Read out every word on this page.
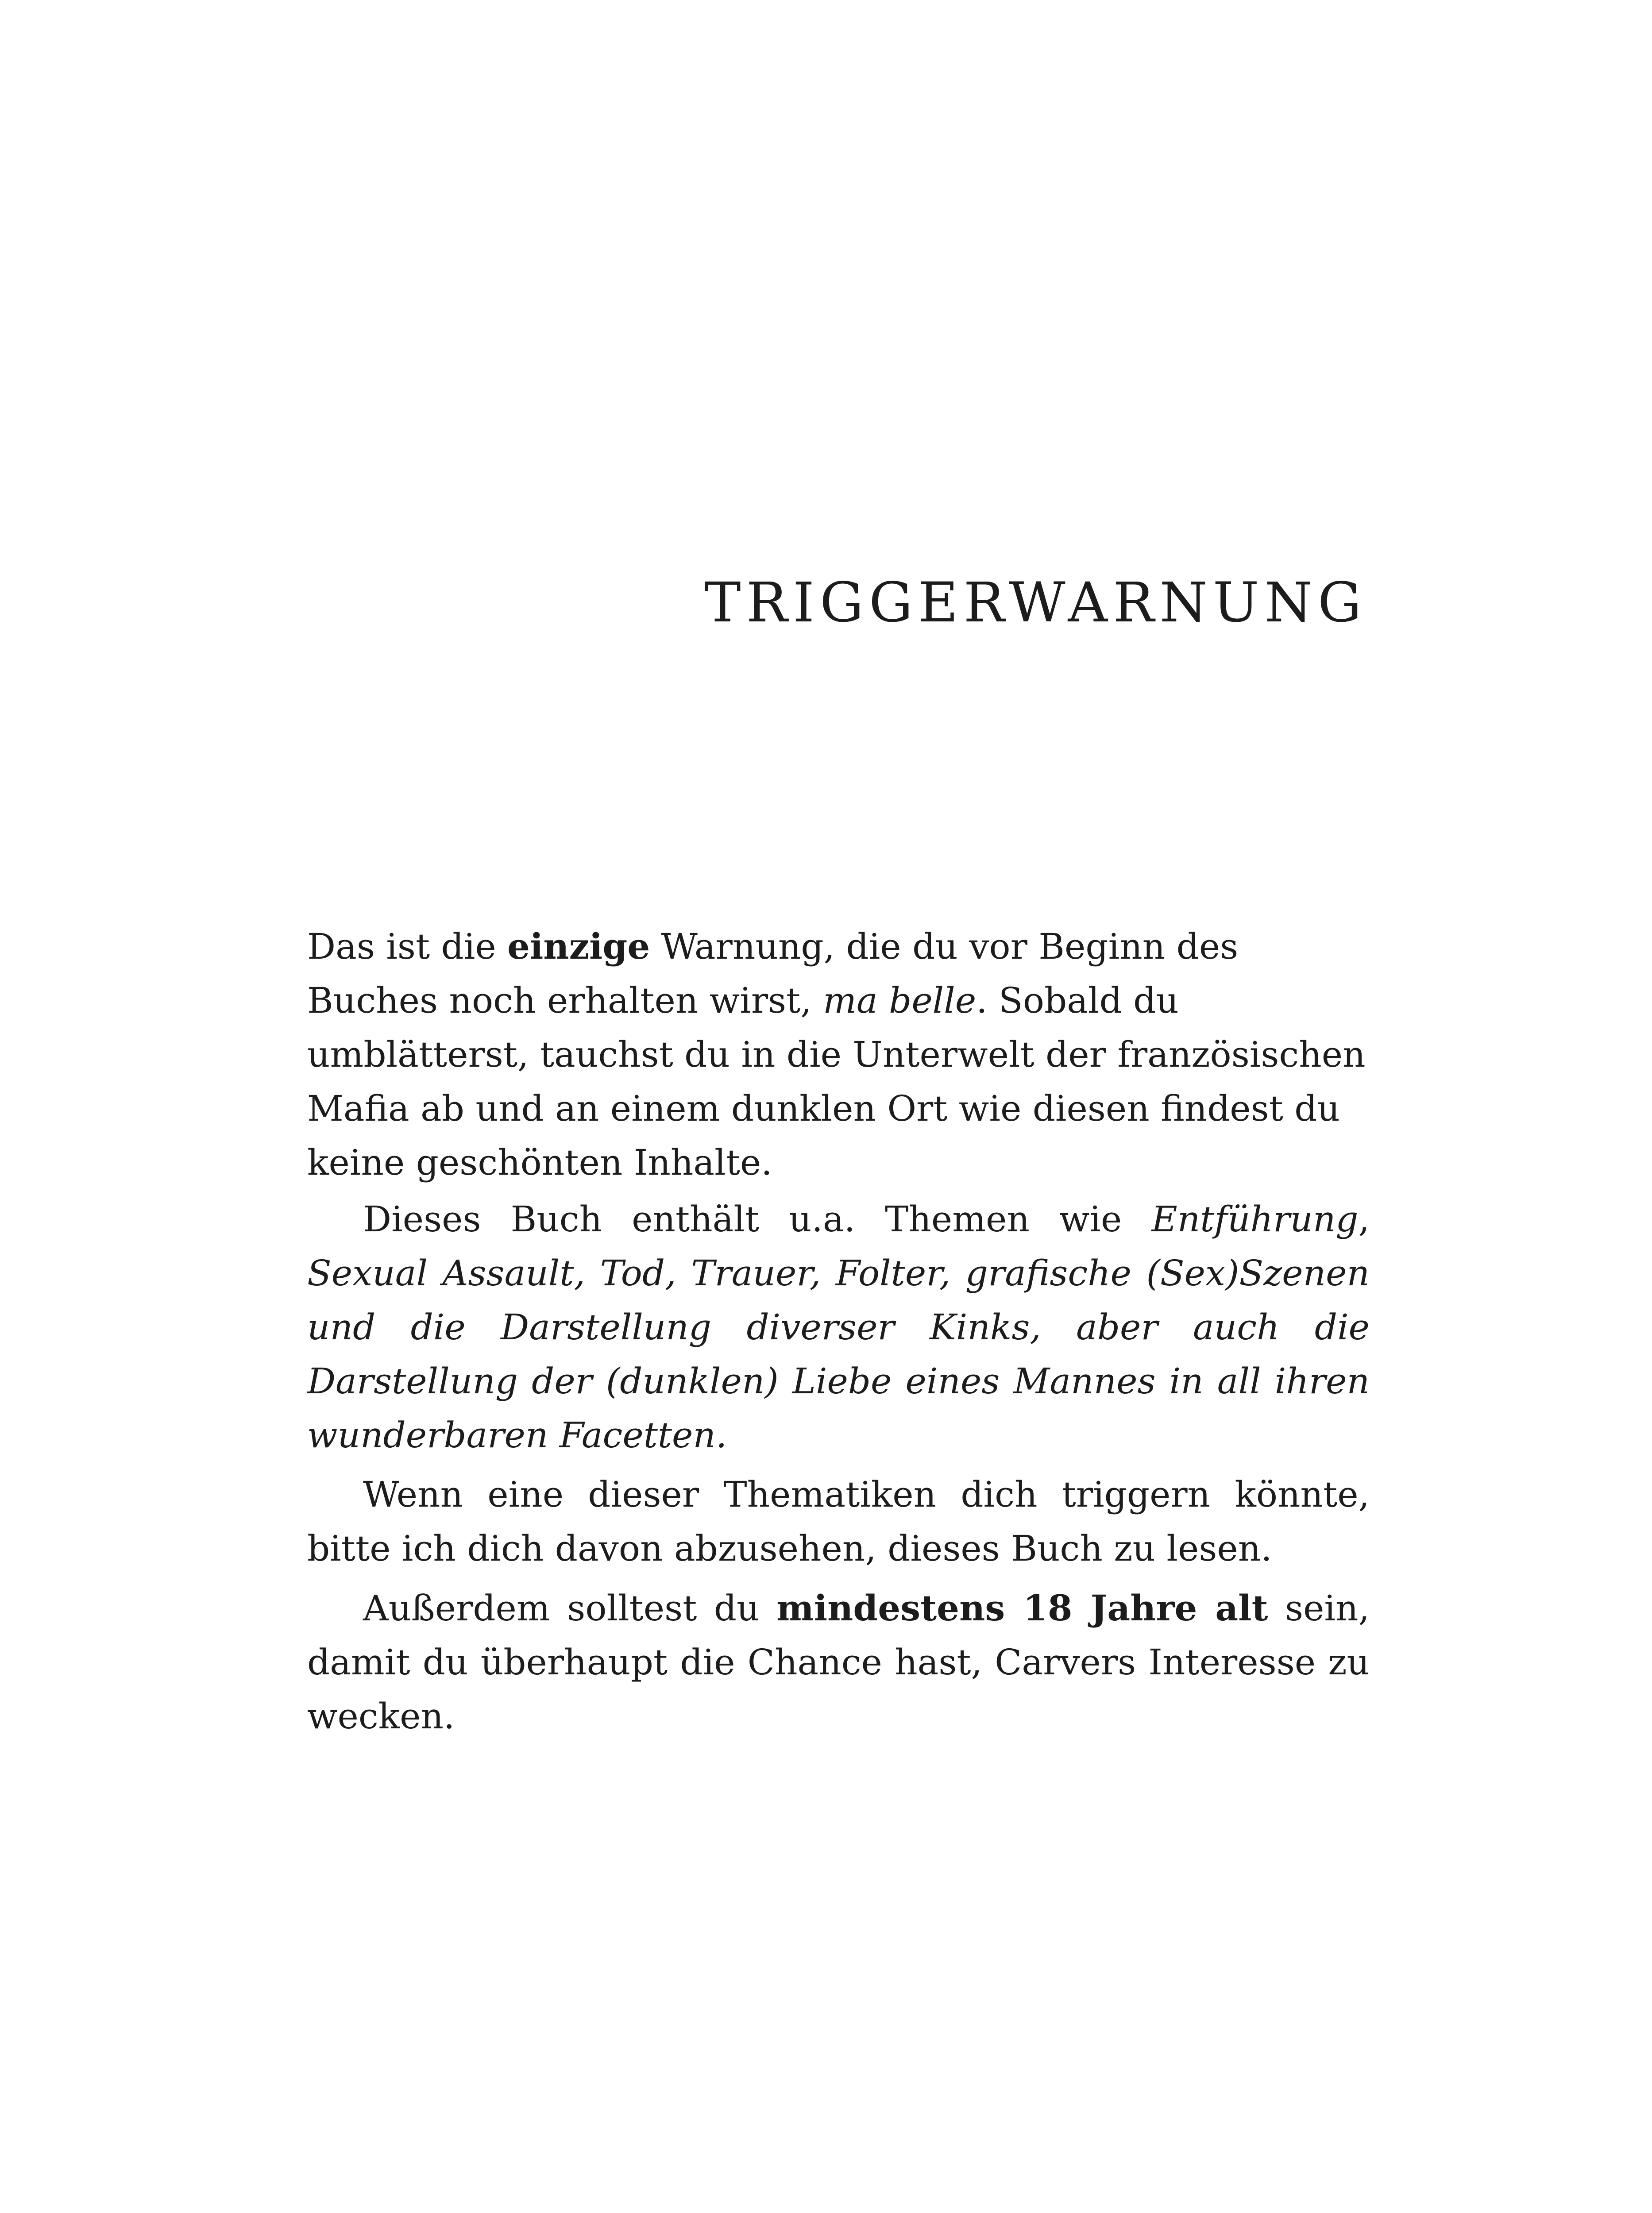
TRIGGERWARNUNG

Das ist die einzige Warnung, die du vor Beginn des Buches noch erhalten wirst, ma belle. Sobald du umblätterst, tauchst du in die Unterwelt der französischen Mafia ab und an einem dunklen Ort wie diesen findest du keine geschönten Inhalte.

Dieses Buch enthält u.a. Themen wie Entführung, Sexual Assault, Tod, Trauer, Folter, grafische (Sex)Szenen und die Darstellung diverser Kinks, aber auch die Darstellung der (dunklen) Liebe eines Mannes in all ihren wunderbaren Facetten.

Wenn eine dieser Thematiken dich triggern könnte, bitte ich dich davon abzusehen, dieses Buch zu lesen.

Außerdem solltest du mindestens 18 Jahre alt sein, damit du überhaupt die Chance hast, Carvers Interesse zu wecken.
